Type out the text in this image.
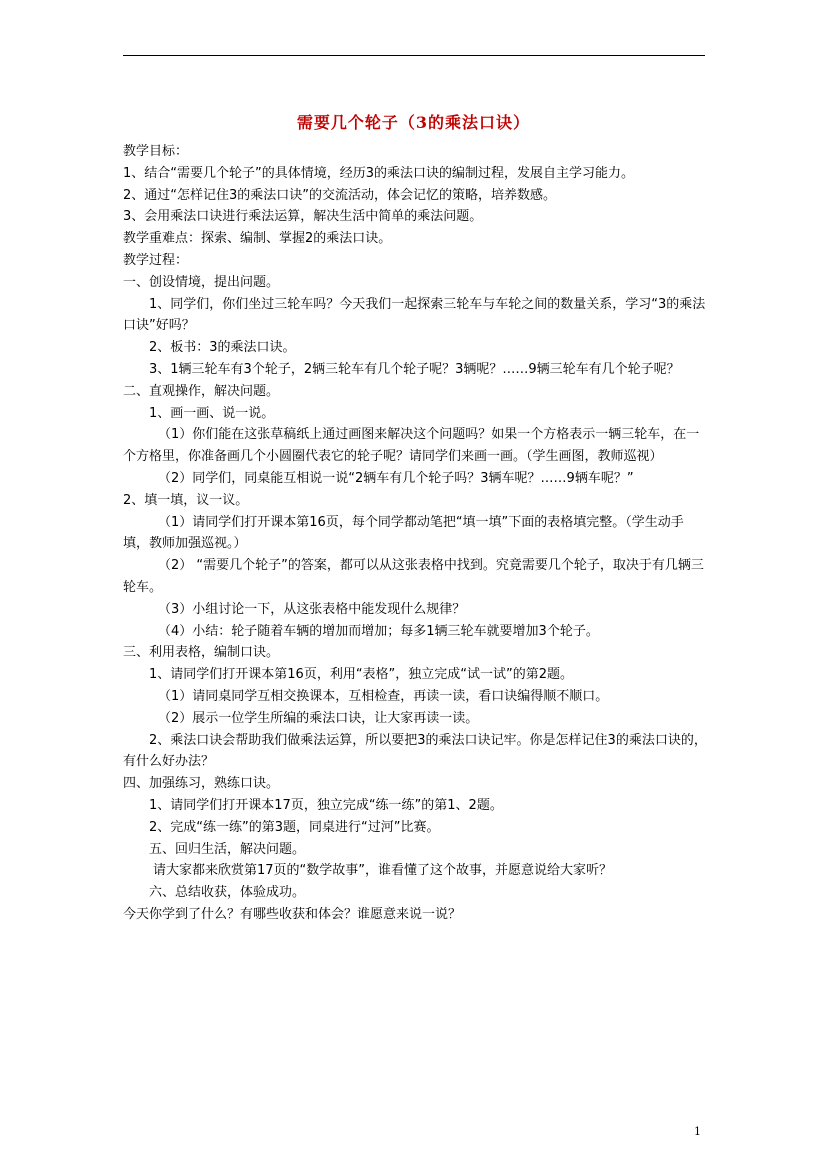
需要几个轮子（3的乘法口诀）

教学目标：

1、结合“需要几个轮子”的具体情境，经历3的乘法口诀的编制过程，发展自主学习能力。

2、通过“怎样记住3的乘法口诀”的交流活动，体会记忆的策略，培养数感。

3、会用乘法口诀进行乘法运算，解决生活中简单的乘法问题。

教学重难点：探索、编制、掌握2的乘法口诀。

教学过程：

一、创设情境，提出问题。

1、同学们，你们坐过三轮车吗？今天我们一起探索三轮车与车轮之间的数量关系，学习“3的乘法口诀”好吗？

2、板书：3的乘法口诀。

3、1辆三轮车有3个轮子，2辆三轮车有几个轮子呢？3辆呢？……9辆三轮车有几个轮子呢？

二、直观操作，解决问题。

1、画一画、说一说。

（1）你们能在这张草稿纸上通过画图来解决这个问题吗？如果一个方格表示一辆三轮车，在一个方格里，你准备画几个小圆圈代表它的轮子呢？请同学们来画一画。（学生画图，教师巡视）

（2）同学们，同桌能互相说一说“2辆车有几个轮子吗？3辆车呢？……9辆车呢？”

2、填一填，议一议。

（1）请同学们打开课本第16页，每个同学都动笔把“填一填”下面的表格填完整。（学生动手填，教师加强巡视。）

（2） “需要几个轮子”的答案，都可以从这张表格中找到。究竟需要几个轮子，取决于有几辆三轮车。

（3）小组讨论一下，从这张表格中能发现什么规律？

（4）小结：轮子随着车辆的增加而增加；每多1辆三轮车就要增加3个轮子。

三、利用表格，编制口诀。

1、请同学们打开课本第16页，利用“表格”，独立完成“试一试”的第2题。

（1）请同桌同学互相交换课本，互相检查，再读一读，看口诀编得顺不顺口。

（2）展示一位学生所编的乘法口诀，让大家再读一读。

2、乘法口诀会帮助我们做乘法运算，所以要把3的乘法口诀记牢。你是怎样记住3的乘法口诀的，有什么好办法？

四、加强练习，熟练口诀。

1、请同学们打开课本17页，独立完成“练一练”的第1、2题。

2、完成“练一练”的第3题，同桌进行“过河”比赛。

五、回归生活，解决问题。

请大家都来欣赏第17页的“数学故事”，谁看懂了这个故事，并愿意说给大家听？

六、总结收获，体验成功。

今天你学到了什么？有哪些收获和体会？谁愿意来说一说？

1
